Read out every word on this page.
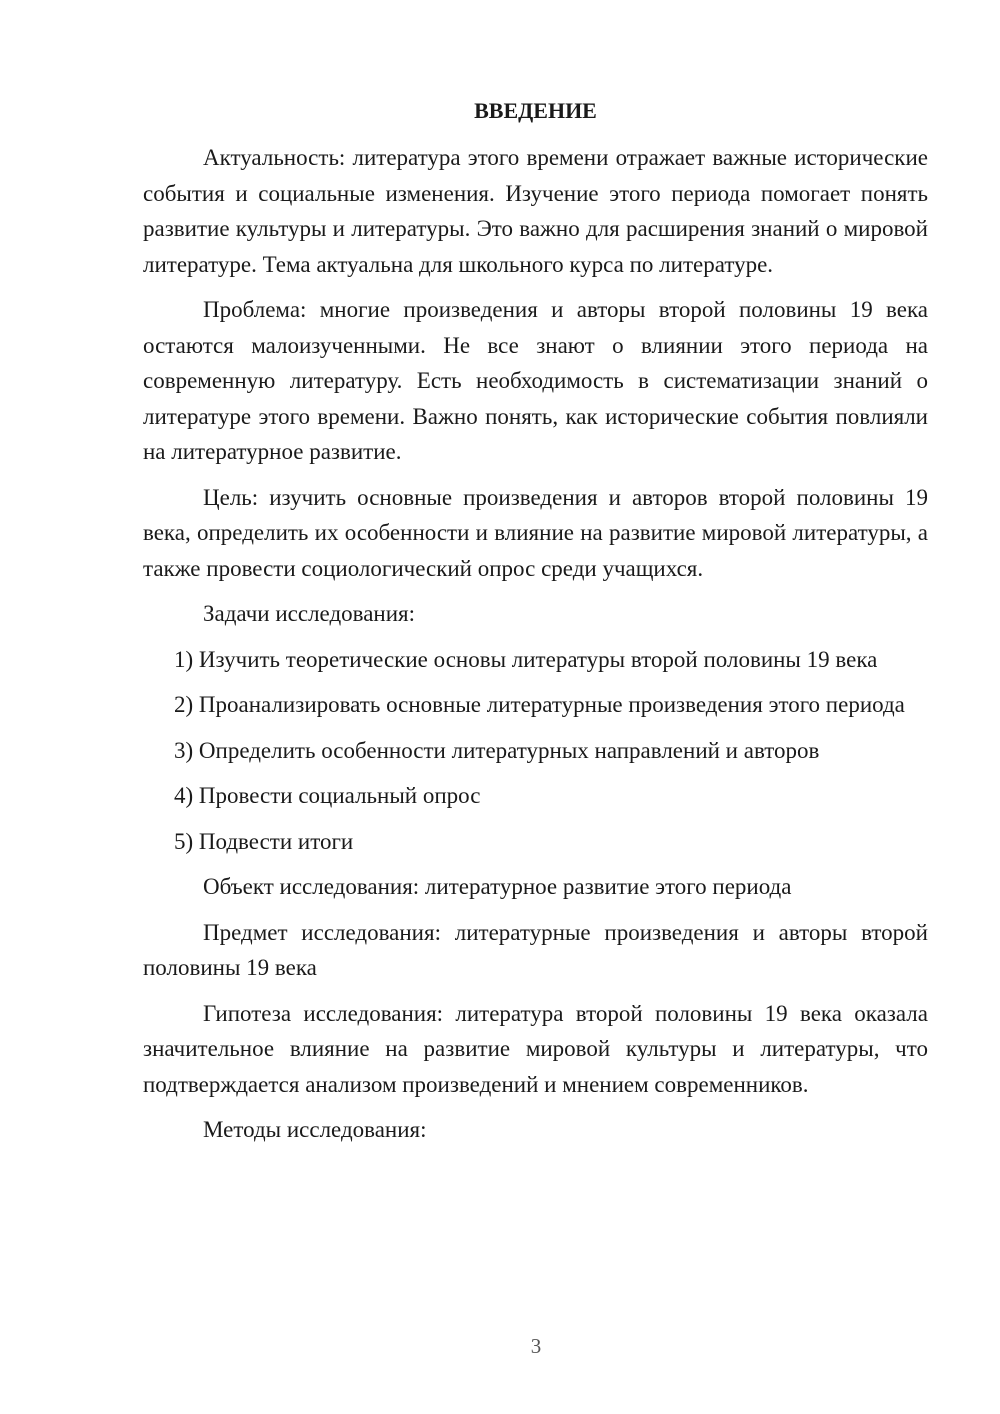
ВВЕДЕНИЕ

Актуальность: литература этого времени отражает важные исторические события и социальные изменения. Изучение этого периода помогает понять развитие культуры и литературы. Это важно для расширения знаний о мировой литературе. Тема актуальна для школьного курса по литературе.

Проблема: многие произведения и авторы второй половины 19 века остаются малоизученными. Не все знают о влиянии этого периода на современную литературу. Есть необходимость в систематизации знаний о литературе этого времени. Важно понять, как исторические события повлияли на литературное развитие.

Цель: изучить основные произведения и авторов второй половины 19 века, определить их особенности и влияние на развитие мировой литературы, а также провести социологический опрос среди учащихся.

Задачи исследования:

1) Изучить теоретические основы литературы второй половины 19 века

2) Проанализировать основные литературные произведения этого периода

3) Определить особенности литературных направлений и авторов

4) Провести социальный опрос

5) Подвести итоги

Объект исследования: литературное развитие этого периода

Предмет исследования: литературные произведения и авторы второй половины 19 века

Гипотеза исследования: литература второй половины 19 века оказала значительное влияние на развитие мировой культуры и литературы, что подтверждается анализом произведений и мнением современников.

Методы исследования:

3
